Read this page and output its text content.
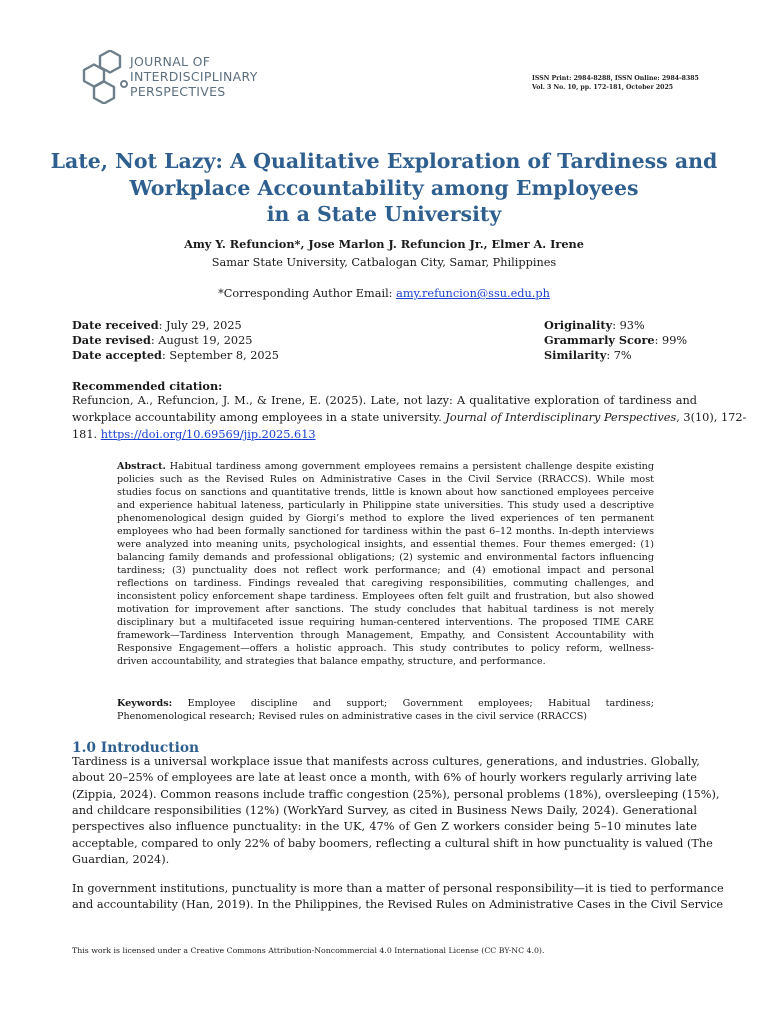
JOURNAL OF
INTERDISCIPLINARY
PERSPECTIVES
ISSN Print: 2984-8288, ISSN Online: 2984-8385
Vol. 3 No. 10, pp. 172-181, October 2025
Late, Not Lazy: A Qualitative Exploration of Tardiness and
Workplace Accountability among Employees
in a State University
Amy Y. Refuncion*, Jose Marlon J. Refuncion Jr., Elmer A. Irene
Samar State University, Catbalogan City, Samar, Philippines
*Corresponding Author Email: amy.refuncion@ssu.edu.ph
Date received: July 29, 2025
Date revised: August 19, 2025
Date accepted: September 8, 2025
Originality: 93%
Grammarly Score: 99%
Similarity: 7%
Recommended citation:
Refuncion, A., Refuncion, J. M., & Irene, E. (2025). Late, not lazy: A qualitative exploration of tardiness and
workplace accountability among employees in a state university. Journal of Interdisciplinary Perspectives, 3(10), 172-
181. https://doi.org/10.69569/jip.2025.613
Abstract. Habitual tardiness among government employees remains a persistent challenge despite existing
policies such as the Revised Rules on Administrative Cases in the Civil Service (RRACCS). While most
studies focus on sanctions and quantitative trends, little is known about how sanctioned employees perceive
and experience habitual lateness, particularly in Philippine state universities. This study used a descriptive
phenomenological design guided by Giorgi’s method to explore the lived experiences of ten permanent
employees who had been formally sanctioned for tardiness within the past 6–12 months. In-depth interviews
were analyzed into meaning units, psychological insights, and essential themes. Four themes emerged: (1)
balancing family demands and professional obligations; (2) systemic and environmental factors influencing
tardiness; (3) punctuality does not reflect work performance; and (4) emotional impact and personal
reflections on tardiness. Findings revealed that caregiving responsibilities, commuting challenges, and
inconsistent policy enforcement shape tardiness. Employees often felt guilt and frustration, but also showed
motivation for improvement after sanctions. The study concludes that habitual tardiness is not merely
disciplinary but a multifaceted issue requiring human-centered interventions. The proposed TIME CARE
framework—Tardiness Intervention through Management, Empathy, and Consistent Accountability with
Responsive Engagement—offers a holistic approach. This study contributes to policy reform, wellness-
driven accountability, and strategies that balance empathy, structure, and performance.
Keywords: Employee discipline and support; Government employees; Habitual tardiness;
Phenomenological research; Revised rules on administrative cases in the civil service (RRACCS)
1.0 Introduction
Tardiness is a universal workplace issue that manifests across cultures, generations, and industries. Globally,
about 20–25% of employees are late at least once a month, with 6% of hourly workers regularly arriving late
(Zippia, 2024). Common reasons include traffic congestion (25%), personal problems (18%), oversleeping (15%),
and childcare responsibilities (12%) (WorkYard Survey, as cited in Business News Daily, 2024). Generational
perspectives also influence punctuality: in the UK, 47% of Gen Z workers consider being 5–10 minutes late
acceptable, compared to only 22% of baby boomers, reflecting a cultural shift in how punctuality is valued (The
Guardian, 2024).
In government institutions, punctuality is more than a matter of personal responsibility—it is tied to performance
and accountability (Han, 2019). In the Philippines, the Revised Rules on Administrative Cases in the Civil Service
This work is licensed under a Creative Commons Attribution-Noncommercial 4.0 International License (CC BY-NC 4.0).
